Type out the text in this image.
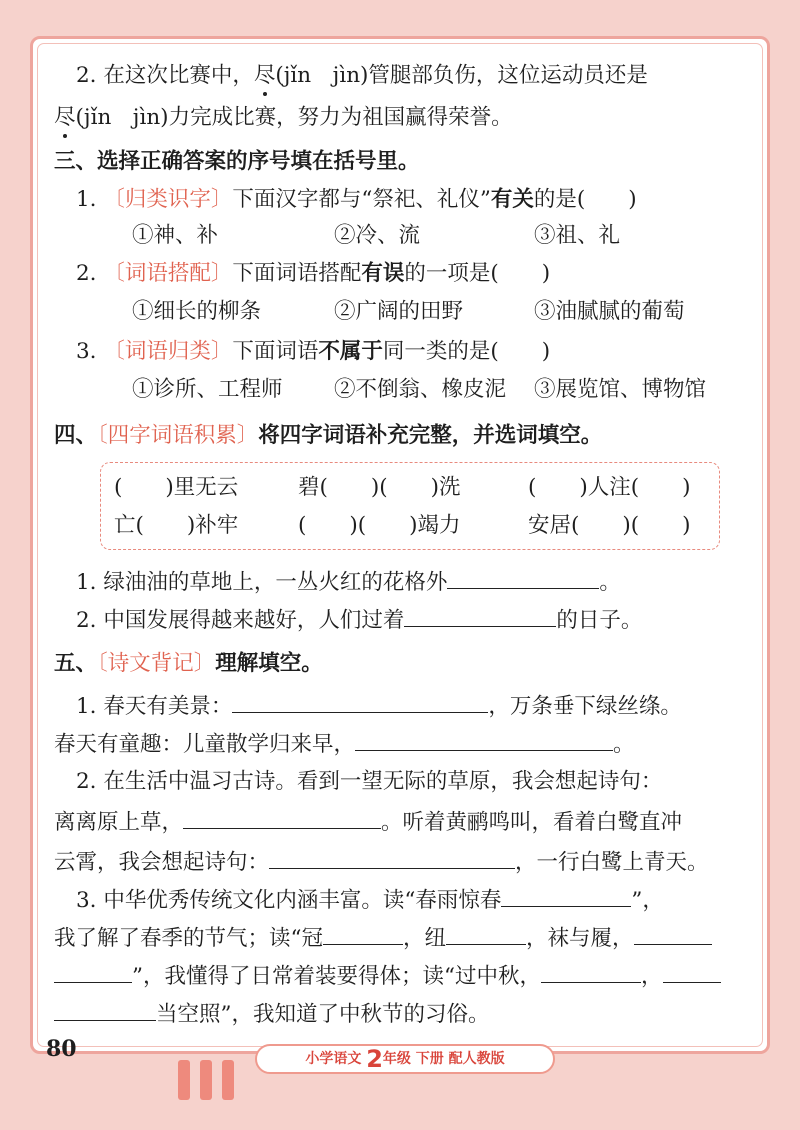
2. 在这次比赛中，尽(jǐn　jìn)管腿部负伤，这位运动员还是
尽(jǐn　jìn)力完成比赛，努力为祖国赢得荣誉。
三、选择正确答案的序号填在括号里。
1. 〔归类识字〕下面汉字都与“祭祀、礼仪”有关的是(　　)
①神、补	②冷、流	③祖、礼
2. 〔词语搭配〕下面词语搭配有误的一项是(　　)
①细长的柳条	②广阔的田野	③油腻腻的葡萄
3. 〔词语归类〕下面词语不属于同一类的是(　　)
①诊所、工程师 ②不倒翁、橡皮泥 ③展览馆、博物馆
四、〔四字词语积累〕将四字词语补充完整，并选词填空。
(　　)里无云	碧(　　)(　　)洗	(　　)人注(　　)
亡(　　)补牢	(　　)(　　)竭力	安居(　　)(　　)
1. 绿油油的草地上，一丛火红的花格外	。
2. 中国发展得越来越好，人们过着	的日子。
五、〔诗文背记〕理解填空。
1. 春天有美景：	，万条垂下绿丝绦。
春天有童趣：儿童散学归来早，	。
2. 在生活中温习古诗。看到一望无际的草原，我会想起诗句：
离离原上草，	。听着黄鹂鸣叫，看着白鹭直冲
云霄，我会想起诗句：	，一行白鹭上青天。
3. 中华优秀传统文化内涵丰富。读“春雨惊春	”，
我了解了春季的节气；读“冠	，纽	，袜与履，
”，我懂得了日常着装要得体；读“过中秋，	，
当空照”，我知道了中秋节的习俗。
80	小学语文 2年级 下册 配人教版
